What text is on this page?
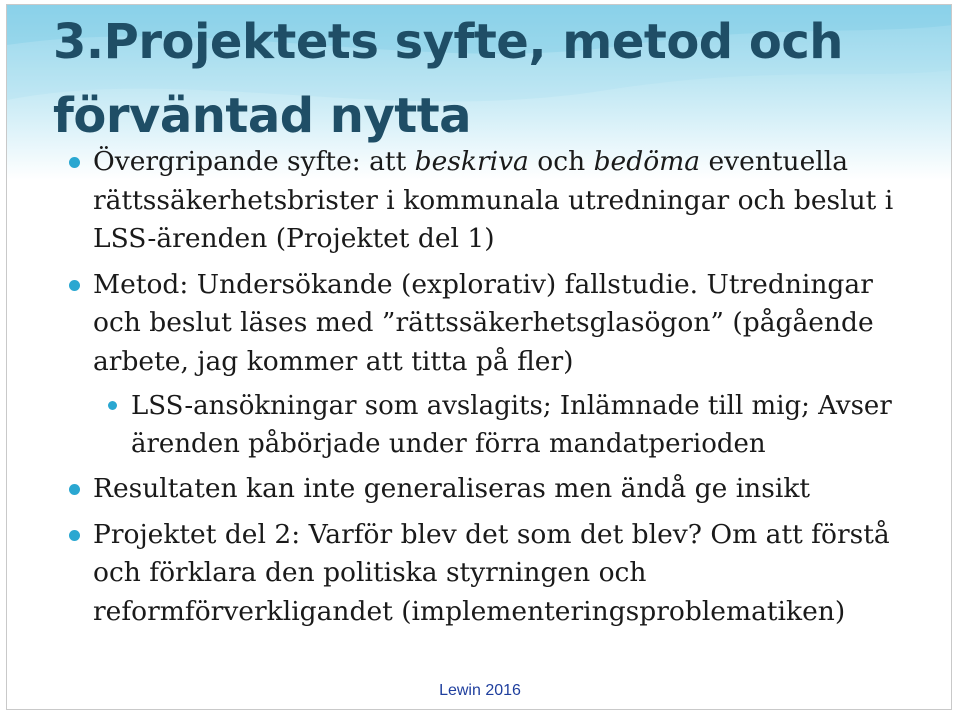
3.Projektets syfte, metod och förväntad nytta
Övergripande syfte: att beskriva och bedöma eventuella rättssäkerhetsbrister i kommunala utredningar och beslut i LSS-ärenden (Projektet del 1)
Metod: Undersökande (explorativ) fallstudie. Utredningar och beslut läses med ”rättssäkerhetsglasögon” (pågående arbete, jag kommer att titta på fler)
LSS-ansökningar som avslagits; Inlämnade till mig; Avser ärenden påbörjade under förra mandatperioden
Resultaten kan inte generaliseras men ändå ge insikt
Projektet del 2: Varför blev det som det blev? Om att förstå och förklara den politiska styrningen och reformförverkligandet (implementeringsproblematiken)
Lewin 2016
